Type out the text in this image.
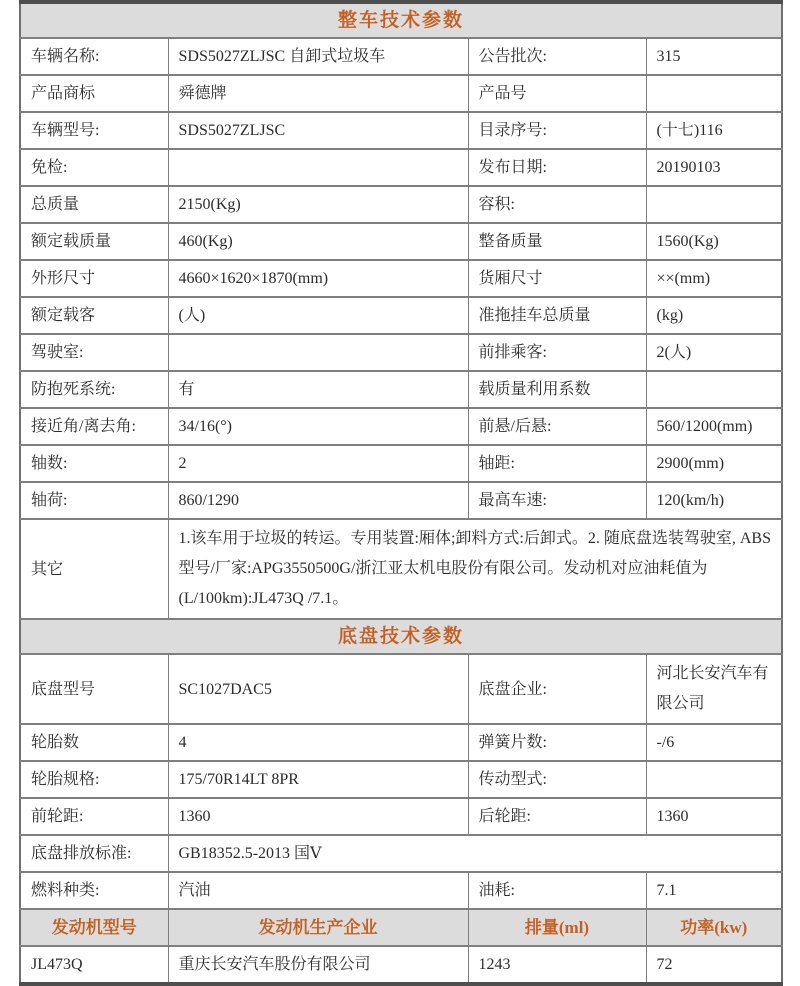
整车技术参数			
车辆名称:	SDS5027ZLJSC 自卸式垃圾车	公告批次:	315
产品商标	舜德牌	产品号	
车辆型号:	SDS5027ZLJSC	目录序号:	(十七)116
免检:		发布日期:	20190103
总质量	2150(Kg)	容积:	
额定载质量	460(Kg)	整备质量	1560(Kg)
外形尺寸	4660×1620×1870(mm)	货厢尺寸	××(mm)
额定载客	(人)	准拖挂车总质量	(kg)
驾驶室:		前排乘客:	2(人)
防抱死系统:	有	载质量利用系数	
接近角/离去角:	34/16(°)	前悬/后悬:	560/1200(mm)
轴数:	2	轴距:	2900(mm)
轴荷:	860/1290	最高车速:	120(km/h)
其它	1.该车用于垃圾的转运。专用装置:厢体;卸料方式:后卸式。2. 随底盘选装驾驶室, ABS 型号/厂家:APG3550500G/浙江亚太机电股份有限公司。发动机对应油耗值为(L/100km):JL473Q /7.1。		
底盘技术参数			
底盘型号	SC1027DAC5	底盘企业:	河北长安汽车有限公司
轮胎数	4	弹簧片数:	-/6
轮胎规格:	175/70R14LT 8PR	传动型式:	
前轮距:	1360	后轮距:	1360
底盘排放标准:	GB18352.5-2013 国Ⅴ		
燃料种类:	汽油	油耗:	7.1
发动机型号	发动机生产企业	排量(ml)	功率(kw)
JL473Q	重庆长安汽车股份有限公司	1243	72
